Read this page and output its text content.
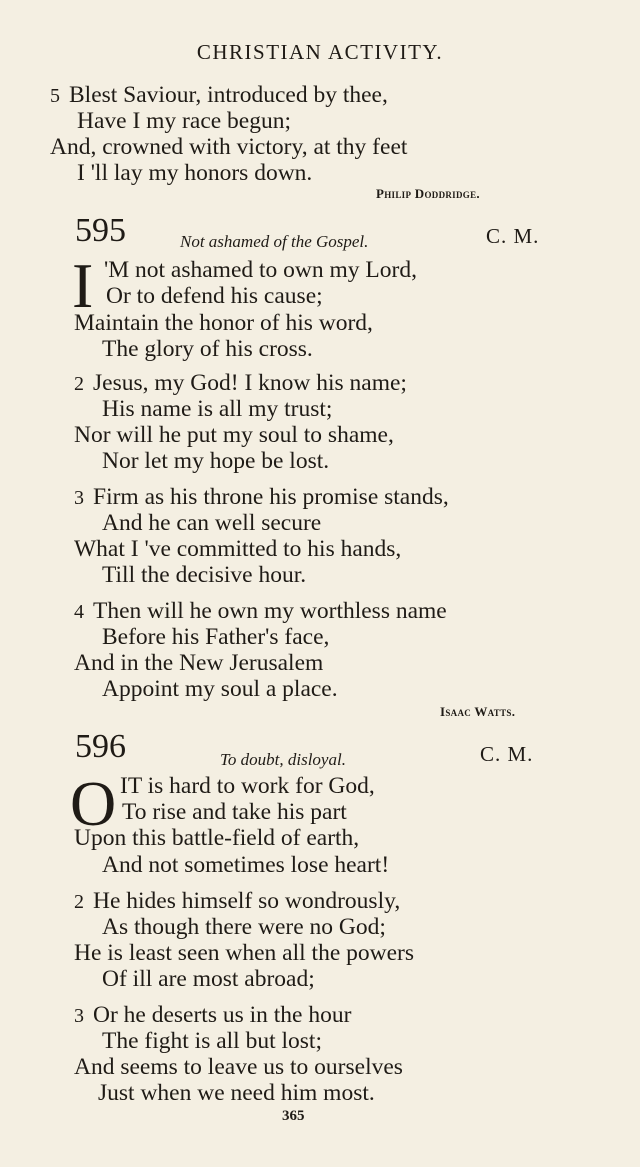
CHRISTIAN ACTIVITY.
5 Blest Saviour, introduced by thee,
Have I my race begun;
And, crowned with victory, at thy feet
I 'll lay my honors down.
Philip Doddridge.
595	Not ashamed of the Gospel.	C. M.
I 'M not ashamed to own my Lord,
Or to defend his cause;
Maintain the honor of his word,
The glory of his cross.
2 Jesus, my God! I know his name;
His name is all my trust;
Nor will he put my soul to shame,
Nor let my hope be lost.
3 Firm as his throne his promise stands,
And he can well secure
What I 've committed to his hands,
Till the decisive hour.
4 Then will he own my worthless name
Before his Father's face,
And in the New Jerusalem
Appoint my soul a place.
Isaac Watts.
596	To doubt, disloyal.	C. M.
O IT is hard to work for God,
To rise and take his part
Upon this battle-field of earth,
And not sometimes lose heart!
2 He hides himself so wondrously,
As though there were no God;
He is least seen when all the powers
Of ill are most abroad;
3 Or he deserts us in the hour
The fight is all but lost;
And seems to leave us to ourselves
Just when we need him most.
365
